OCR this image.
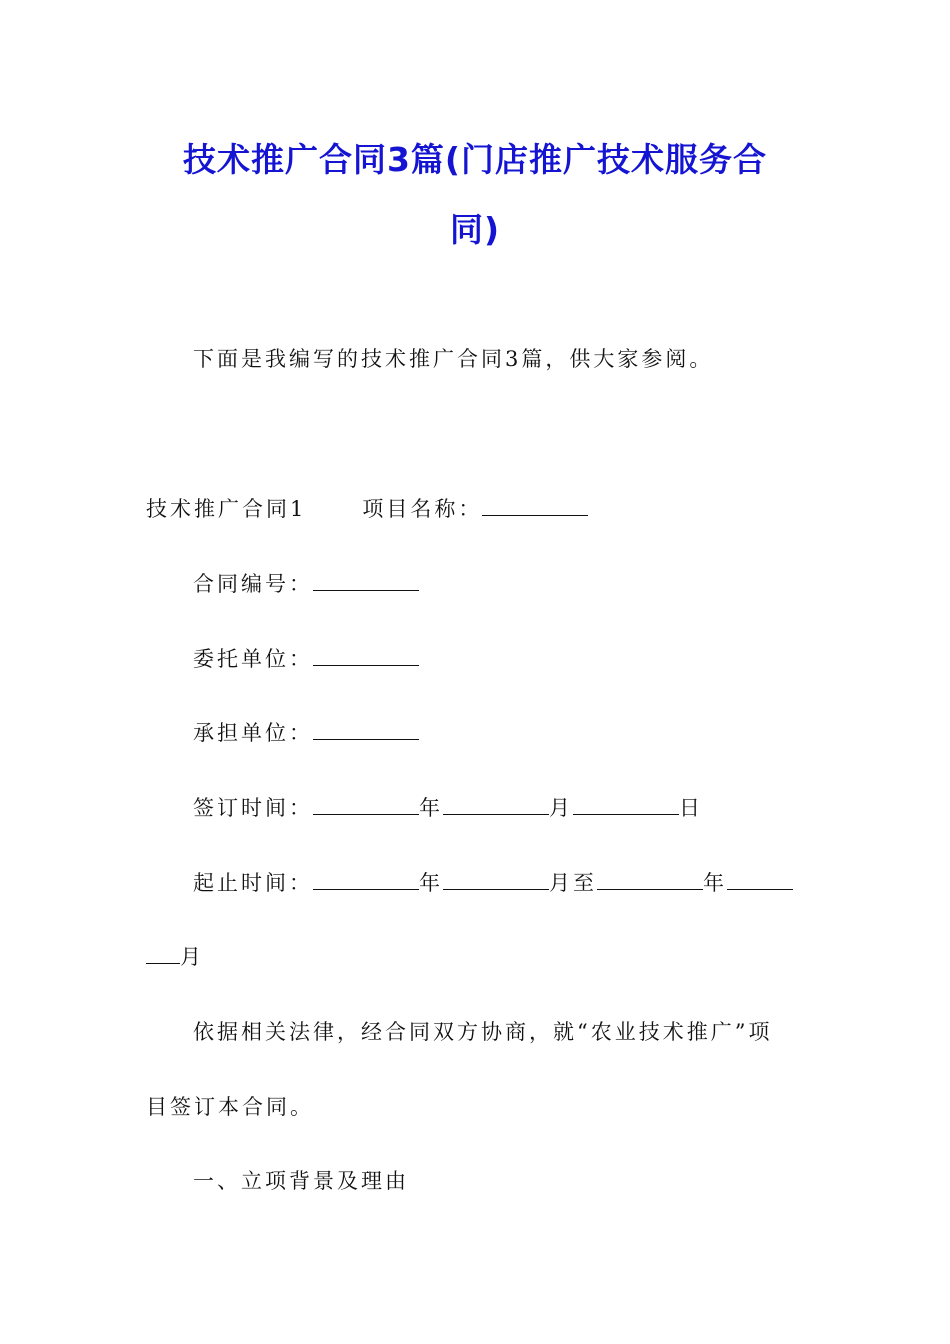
技术推广合同3篇(门店推广技术服务合
同)
下面是我编写的技术推广合同3篇，供大家参阅。
技术推广合同1	项目名称：
合同编号：
委托单位：
承担单位：
签订时间：	年	月	日
起止时间：	年	月至	年
月
依据相关法律，经合同双方协商，就“农业技术推广”项
目签订本合同。
一、立项背景及理由
